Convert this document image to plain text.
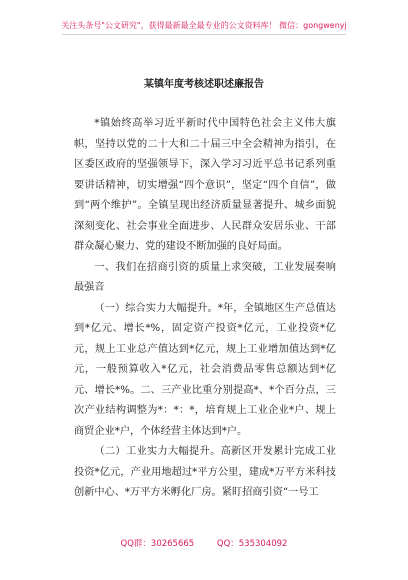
关注头条号"公文研究"，获得最新最全最专业的公文资料库！ 微信：gongwenyj
某镇年度考核述职述廉报告

*镇始终高举习近平新时代中国特色社会主义伟大旗帜，坚持以党的二十大和二十届三中全会精神为指引，在区委区政府的坚强领导下，深入学习习近平总书记系列重要讲话精神，切实增强“四个意识”，坚定“四个自信”，做到“两个维护”。全镇呈现出经济质量显著提升、城乡面貌深刻变化、社会事业全面进步、人民群众安居乐业、干部群众凝心聚力、党的建设不断加强的良好局面。

一、我们在招商引资的质量上求突破，工业发展奏响最强音

（一）综合实力大幅提升。*年，全镇地区生产总值达到*亿元、增长*%，固定资产投资*亿元，工业投资*亿元，规上工业总产值达到*亿元，规上工业增加值达到*亿元，一般预算收入*亿元，社会消费品零售总额达到*亿元、增长*%。二、三产业比重分别提高*、*个百分点，三次产业结构调整为*：*：*，培育规上工业企业*户、规上商贸企业*户，个体经营主体达到*户。

（二）工业实力大幅提升。高新区开发累计完成工业投资*亿元，产业用地超过*平方公里，建成*万平方米科技创新中心、*万平方米孵化厂房。紧盯招商引资“一号工

QQ群：30265665	QQ：535304092
